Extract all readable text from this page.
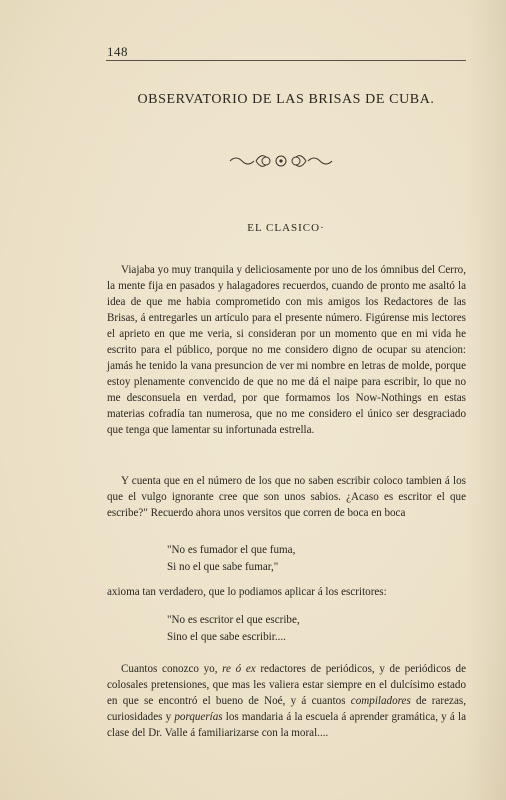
148
OBSERVATORIO DE LAS BRISAS DE CUBA.
EL CLASICO·

Viajaba yo muy tranquila y deliciosamente por uno de los ómnibus del Cerro, la mente fija en pasados y halagadores recuerdos, cuando de pronto me asaltó la idea de que me habia comprometido con mis amigos los Redactores de las Brisas, á entregarles un artículo para el presente número. Figúrense mis lectores el aprieto en que me veria, si consideran por un momento que en mi vida he escrito para el público, porque no me considero digno de ocupar su atencion: jamás he tenido la vana presuncion de ver mi nombre en letras de molde, porque estoy plenamente convencido de que no me dá el naipe para escribir, lo que no me desconsuela en verdad, por que formamos los Now-Nothings en estas materias cofradía tan numerosa, que no me considero el único ser desgraciado que tenga que lamentar su infortunada estrella.

Y cuenta que en el número de los que no saben escribir coloco tambien á los que el vulgo ignorante cree que son unos sabios. ¿Acaso es escritor el que escribe?" Recuerdo ahora unos versitos que corren de boca en boca

"No es fumador el que fuma,
Si no el que sabe fumar,"
axioma tan verdadero, que lo podiamos aplicar á los escritores:
"No es escritor el que escribe,
Sino el que sabe escribir....

Cuantos conozco yo, re ó ex redactores de periódicos, y de periódicos de colosales pretensiones, que mas les valiera estar siempre en el dulcísimo estado en que se encontró el bueno de Noé, y á cuantos compiladores de rarezas, curiosidades y porquerías los mandaria á la escuela á aprender gramática, y á la clase del Dr. Valle á familiarizarse con la moral....
